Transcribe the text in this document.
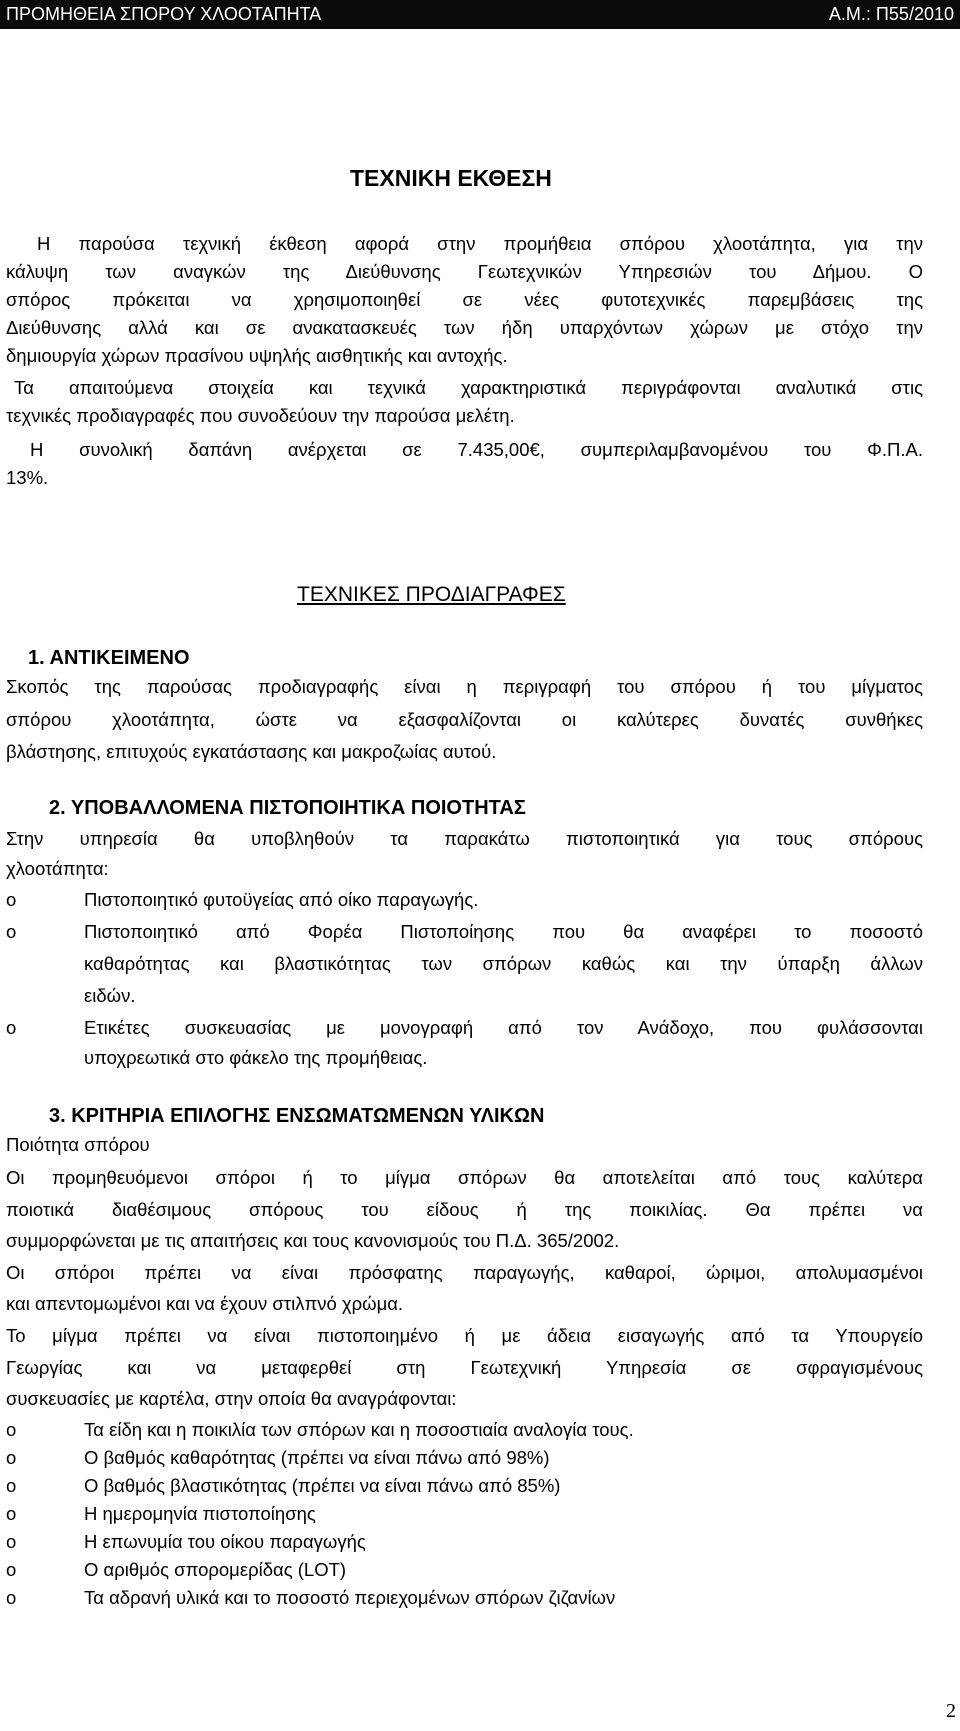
ΠΡΟΜΗΘΕΙΑ ΣΠΟΡΟΥ ΧΛΟΟΤΑΠΗΤΑ	Α.Μ.: Π55/2010
ΤΕΧΝΙΚΗ ΕΚΘΕΣΗ
Η παρούσα τεχνική έκθεση αφορά στην προμήθεια σπόρου χλοοτάπητα, για την
κάλυψη των αναγκών της Διεύθυνσης Γεωτεχνικών Υπηρεσιών του Δήμου. Ο
σπόρος πρόκειται να χρησιμοποιηθεί σε νέες φυτοτεχνικές παρεμβάσεις της
Διεύθυνσης αλλά και σε ανακατασκευές των ήδη υπαρχόντων χώρων με στόχο την
δημιουργία χώρων πρασίνου υψηλής αισθητικής και αντοχής.
Τα απαιτούμενα στοιχεία και τεχνικά χαρακτηριστικά περιγράφονται αναλυτικά στις
τεχνικές προδιαγραφές που συνοδεύουν την παρούσα μελέτη.
Η συνολική δαπάνη ανέρχεται σε 7.435,00€, συμπεριλαμβανομένου του Φ.Π.Α.
13%.
ΤΕΧΝΙΚΕΣ ΠΡΟΔΙΑΓΡΑΦΕΣ
1. ΑΝΤΙΚΕΙΜΕΝΟ
Σκοπός της παρούσας προδιαγραφής είναι η περιγραφή του σπόρου ή του μίγματος
σπόρου χλοοτάπητα, ώστε να εξασφαλίζονται οι καλύτερες δυνατές συνθήκες
βλάστησης, επιτυχούς εγκατάστασης και μακροζωίας αυτού.
2. ΥΠΟΒΑΛΛΟΜΕΝΑ ΠΙΣΤΟΠΟΙΗΤΙΚΑ ΠΟΙΟΤΗΤΑΣ
Στην υπηρεσία θα υποβληθούν τα παρακάτω πιστοποιητικά για τους σπόρους
χλοοτάπητα:
o	Πιστοποιητικό φυτοϋγείας από οίκο παραγωγής.
o	Πιστοποιητικό από Φορέα Πιστοποίησης που θα αναφέρει το ποσοστό
καθαρότητας και βλαστικότητας των σπόρων καθώς και την ύπαρξη άλλων
ειδών.
o	Ετικέτες συσκευασίας με μονογραφή από τον Ανάδοχο, που φυλάσσονται
υποχρεωτικά στο φάκελο της προμήθειας.
3. ΚΡΙΤΗΡΙΑ ΕΠΙΛΟΓΗΣ ΕΝΣΩΜΑΤΩΜΕΝΩΝ ΥΛΙΚΩΝ
Ποιότητα σπόρου
Οι προμηθευόμενοι σπόροι ή το μίγμα σπόρων θα αποτελείται από τους καλύτερα
ποιοτικά διαθέσιμους σπόρους του είδους ή της ποικιλίας. Θα πρέπει να
συμμορφώνεται με τις απαιτήσεις και τους κανονισμούς του Π.Δ. 365/2002.
Οι σπόροι πρέπει να είναι πρόσφατης παραγωγής, καθαροί, ώριμοι, απολυμασμένοι
και απεντομωμένοι και να έχουν στιλπνό χρώμα.
Το μίγμα πρέπει να είναι πιστοποιημένο ή με άδεια εισαγωγής από τα Υπουργείο
Γεωργίας και να μεταφερθεί στη Γεωτεχνική Υπηρεσία σε σφραγισμένους
συσκευασίες με καρτέλα, στην οποία θα αναγράφονται:
o	Τα είδη και η ποικιλία των σπόρων και η ποσοστιαία αναλογία τους.
o	Ο βαθμός καθαρότητας (πρέπει να είναι πάνω από 98%)
o	Ο βαθμός βλαστικότητας (πρέπει να είναι πάνω από 85%)
o	Η ημερομηνία πιστοποίησης
o	Η επωνυμία του οίκου παραγωγής
o	Ο αριθμός σπορομερίδας (LOT)
o	Τα αδρανή υλικά και το ποσοστό περιεχομένων σπόρων ζιζανίων
2
